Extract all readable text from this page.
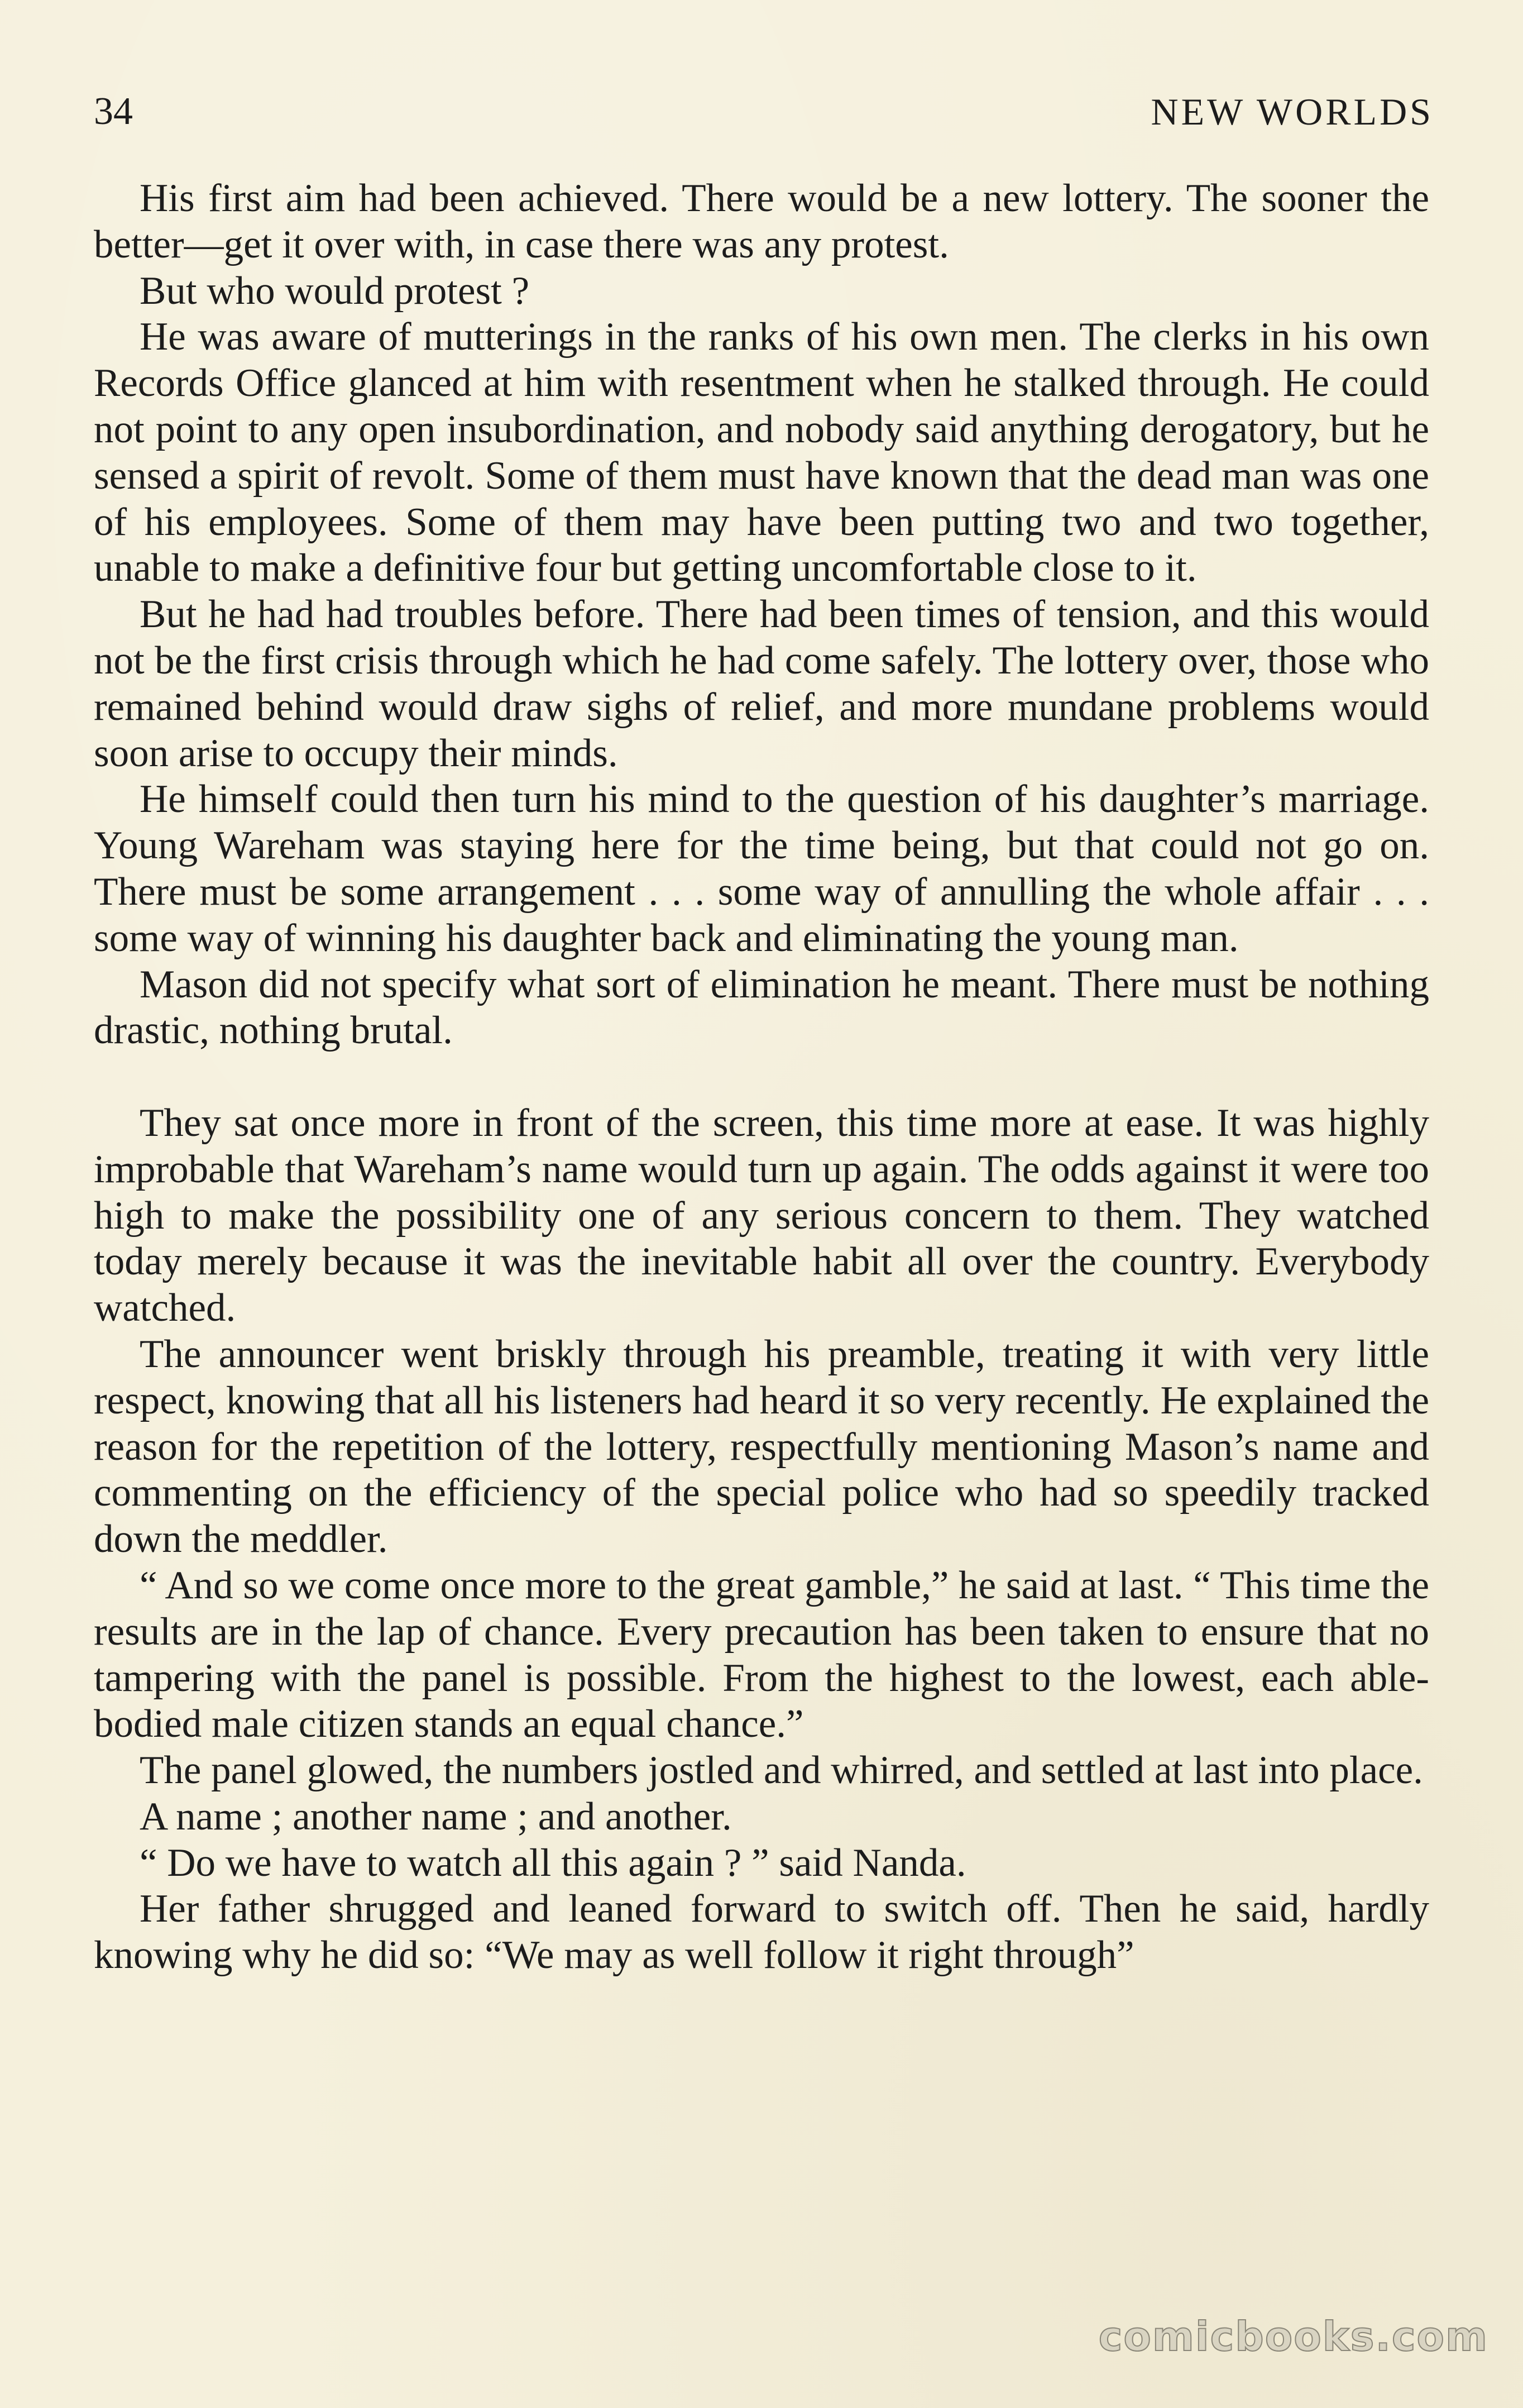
34	NEW WORLDS

His first aim had been achieved. There would be a new lottery. The sooner the better—get it over with, in case there was any protest.

But who would protest ?

He was aware of mutterings in the ranks of his own men. The clerks in his own Records Office glanced at him with resentment when he stalked through. He could not point to any open insubordination, and nobody said anything derogatory, but he sensed a spirit of revolt. Some of them must have known that the dead man was one of his employees. Some of them may have been putting two and two together, unable to make a definitive four but getting uncomfortable close to it.

But he had had troubles before. There had been times of tension, and this would not be the first crisis through which he had come safely. The lottery over, those who remained behind would draw sighs of relief, and more mundane problems would soon arise to occupy their minds.

He himself could then turn his mind to the question of his daughter’s marriage. Young Wareham was staying here for the time being, but that could not go on. There must be some arrangement . . . some way of annulling the whole affair . . . some way of winning his daughter back and eliminating the young man.

Mason did not specify what sort of elimination he meant. There must be nothing drastic, nothing brutal.

They sat once more in front of the screen, this time more at ease. It was highly improbable that Wareham’s name would turn up again. The odds against it were too high to make the possibility one of any serious concern to them. They watched today merely because it was the inevitable habit all over the country. Everybody watched.

The announcer went briskly through his preamble, treating it with very little respect, knowing that all his listeners had heard it so very recently. He explained the reason for the repetition of the lottery, respectfully mentioning Mason’s name and commenting on the efficiency of the special police who had so speedily tracked down the meddler.

“ And so we come once more to the great gamble,” he said at last. “ This time the results are in the lap of chance. Every precaution has been taken to ensure that no tampering with the panel is possible. From the highest to the lowest, each able-bodied male citizen stands an equal chance.”

The panel glowed, the numbers jostled and whirred, and settled at last into place.

A name ; another name ; and another.

“ Do we have to watch all this again ? ” said Nanda.

Her father shrugged and leaned forward to switch off. Then he said, hardly knowing why he did so: “We may as well follow it right through”

comicbooks.com
